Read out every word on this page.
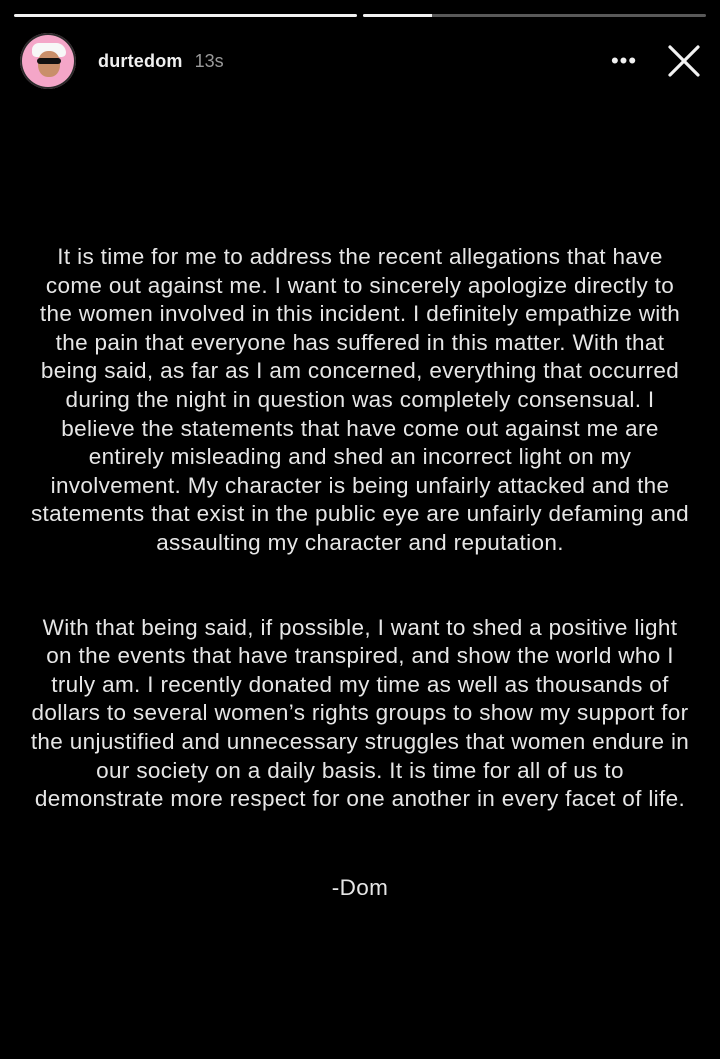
durtedom 13s	•••

It is time for me to address the recent allegations that have come out against me. I want to sincerely apologize directly to the women involved in this incident. I definitely empathize with the pain that everyone has suffered in this matter. With that being said, as far as I am concerned, everything that occurred during the night in question was completely consensual. I believe the statements that have come out against me are entirely misleading and shed an incorrect light on my involvement. My character is being unfairly attacked and the statements that exist in the public eye are unfairly defaming and assaulting my character and reputation.

With that being said, if possible, I want to shed a positive light on the events that have transpired, and show the world who I truly am. I recently donated my time as well as thousands of dollars to several women’s rights groups to show my support for the unjustified and unnecessary struggles that women endure in our society on a daily basis. It is time for all of us to demonstrate more respect for one another in every facet of life.

-Dom
